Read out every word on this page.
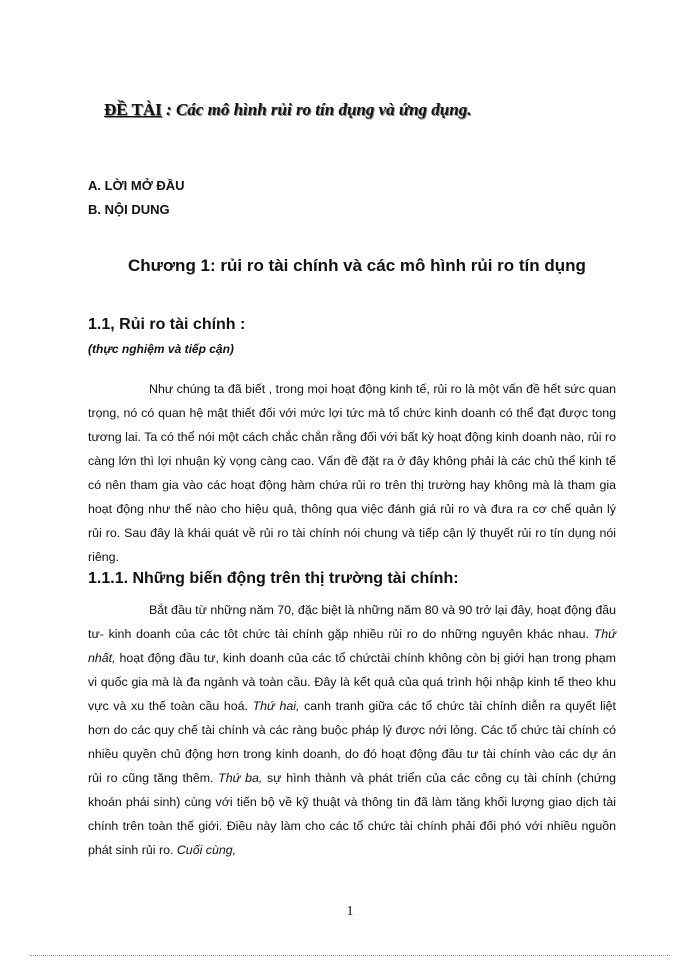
ĐỀ TÀI : Các mô hình rủi ro tín dụng và ứng dụng.
A. LỜI MỞ ĐẦU
B. NỘI DUNG
Chương 1: rủi ro tài chính và các mô hình rủi ro tín dụng
1.1, Rủi ro tài chính :
(thực nghiệm và tiếp cận)

Như chúng ta đã biết , trong mọi hoạt động kinh tế, rủi ro là một vấn đề hết sức quan trọng, nó có quan hệ mật thiết đối với mức lợi tức mà tổ chức kinh doanh có thể đạt được tong tương lai. Ta có thể nói một cách chắc chắn rằng đối với bất kỳ hoạt động kinh doanh nào, rủi ro càng lớn thì lợi nhuận kỳ vọng càng cao. Vấn đề đặt ra ở đây không phải là các chủ thể kinh tế có nên tham gia vào các hoạt động hàm chứa rủi ro trên thị trường hay không mà là tham gia hoạt động như thế nào cho hiệu quả, thông qua việc đánh giá rủi ro và đưa ra cơ chế quản lý rủi ro. Sau đây là khái quát về rủi ro tài chính nói chung và tiếp cận lý thuyết rủi ro tín dụng nói riêng.

1.1.1. Những biến động trên thị trường tài chính:

Bắt đầu từ những năm 70, đặc biệt là những năm 80 và 90 trở lại đây, hoạt động đầu tư- kinh doanh của các tôt chức tài chính gặp nhiều rủi ro do những nguyên khác nhau. Thứ nhất, hoạt động đầu tư, kinh doanh của các tổ chứctài chính không còn bị giới hạn trong phạm vi quốc gia mà là đa ngành và toàn cầu. Đây là kết quả của quá trình hội nhập kinh tế theo khu vực và xu thế toàn cầu hoá. Thứ hai, canh tranh giữa các tổ chức tài chính diễn ra quyết liệt hơn do các quy chế tài chính và các ràng buộc pháp lý được nới lỏng. Các tổ chức tài chính có nhiều quyền chủ động hơn trong kinh doanh, do đó hoạt động đầu tư tài chính vào các dự án rủi ro cũng tăng thêm. Thứ ba, sự hình thành và phát triển của các công cụ tài chính (chứng khoán phái sinh) cùng với tiến bộ về kỹ thuật và thông tin đã làm tăng khối lượng giao dịch tài chính trên toàn thế giới. Điều này làm cho các tổ chức tài chính phải đối phó với nhiều nguồn phát sinh rủi ro. Cuối cùng,

1
